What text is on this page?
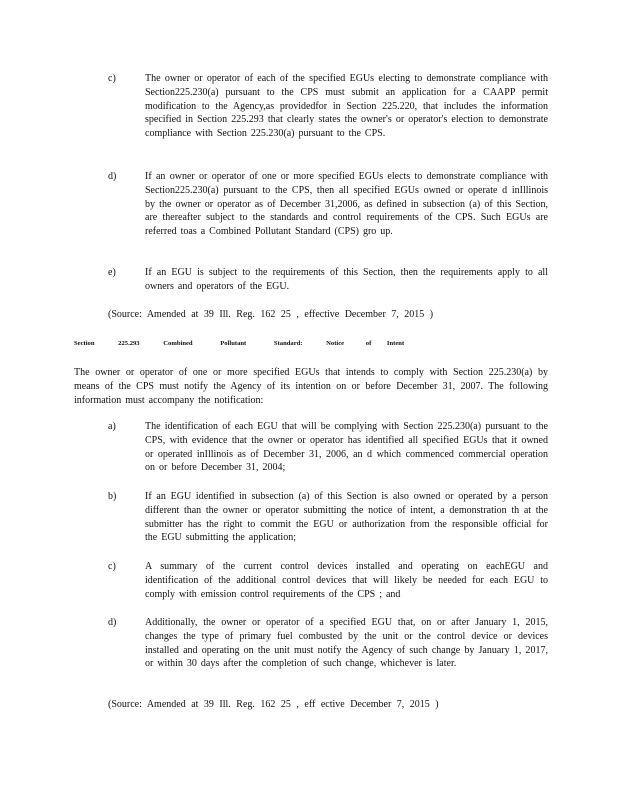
c)	The owner or operator of each of the specified EGUs electing to demonstrate compliance with Section225.230(a) pursuant to the CPS must submit an application for a CAAPP permit modification to the Agency,as providedfor in Section 225.220, that includes the information specified in Section 225.293 that clearly states the owner's or operator's election to demonstrate compliance with Section 225.230(a) pursuant to the CPS.
d)	If an owner or operator of one or more specified EGUs elects to demonstrate compliance with Section225.230(a) pursuant to the CPS, then all specified EGUs owned or operate d inIllinois by the owner or operator as of December 31,2006, as defined in subsection (a) of this Section, are thereafter subject to the standards and control requirements of the CPS. Such EGUs are referred toas a Combined Pollutant Standard (CPS) gro up.
e)	If an EGU is subject to the requirements of this Section, then the requirements apply to all owners and operators of the EGU.
(Source: Amended at 39 Ill. Reg. 162 25 , effective December 7, 2015 )
Section	225.293	Combined	Pollutant	Standard:	Notice	of Intent
The owner or operator of one or more specified EGUs that intends to comply with Section 225.230(a) by means of the CPS must notify the Agency of its intention on or before December 31, 2007. The following information must accompany the notification:
a)	The identification of each EGU that will be complying with Section 225.230(a) pursuant to the CPS, with evidence that the owner or operator has identified all specified EGUs that it owned or operated inIllinois as of December 31, 2006, an d which commenced commercial operation on or before December 31, 2004;
b)	If an EGU identified in subsection (a) of this Section is also owned or operated by a person different than the owner or operator submitting the notice of intent, a demonstration th at the submitter has the right to commit the EGU or authorization from the responsible official for the EGU submitting the application;
c)	A summary of the current control devices installed and operating on eachEGU and identification of the additional control devices that will likely be needed for each EGU to comply with emission control requirements of the CPS ; and
d)	Additionally, the owner or operator of a specified EGU that, on or after January 1, 2015, changes the type of primary fuel combusted by the unit or the control device or devices installed and operating on the unit must notify the Agency of such change by January 1, 2017, or within 30 days after the completion of such change, whichever is later.
(Source: Amended at 39 Ill. Reg. 162 25 , eff ective December 7, 2015 )
